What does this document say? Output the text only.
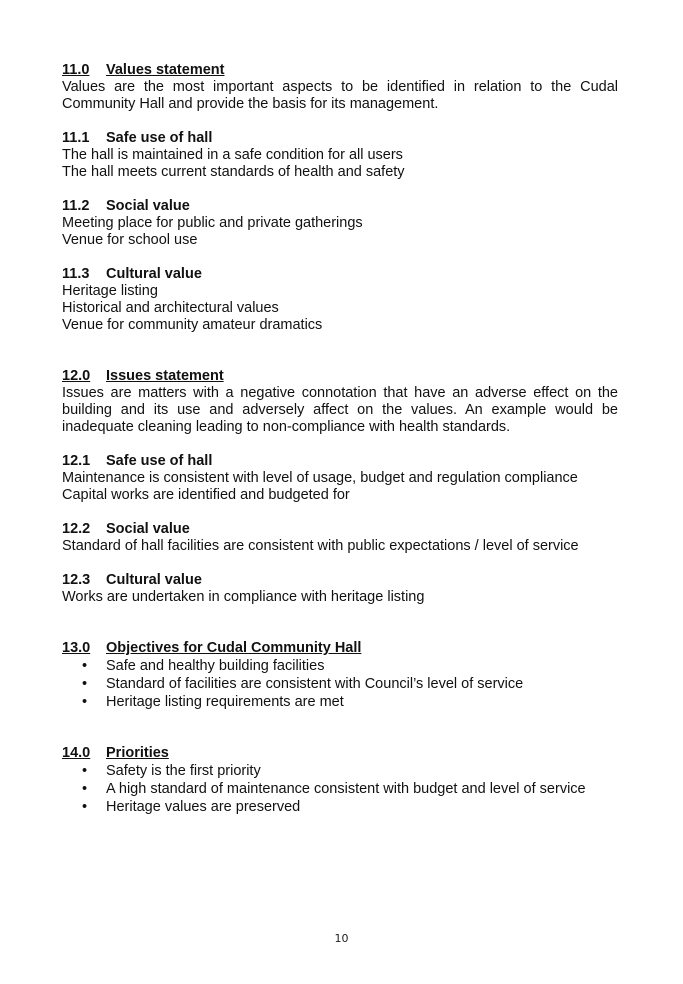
11.0	Values statement
Values are the most important aspects to be identified in relation to the Cudal Community Hall and provide the basis for its management.
11.1	Safe use of hall
The hall is maintained in a safe condition for all users
The hall meets current standards of health and safety
11.2	Social value
Meeting place for public and private gatherings
Venue for school use
11.3	Cultural value
Heritage listing
Historical and architectural values
Venue for community amateur dramatics
12.0	Issues statement
Issues are matters with a negative connotation that have an adverse effect on the building and its use and adversely affect on the values. An example would be inadequate cleaning leading to non-compliance with health standards.
12.1	Safe use of hall
Maintenance is consistent with level of usage, budget and regulation compliance
Capital works are identified and budgeted for
12.2	Social value
Standard of hall facilities are consistent with public expectations / level of service
12.3	Cultural value
Works are undertaken in compliance with heritage listing
13.0	Objectives for Cudal Community Hall
•	Safe and healthy building facilities
•	Standard of facilities are consistent with Council’s level of service
•	Heritage listing requirements are met
14.0	Priorities
•	Safety is the first priority
•	A high standard of maintenance consistent with budget and level of service
•	Heritage values are preserved
10
